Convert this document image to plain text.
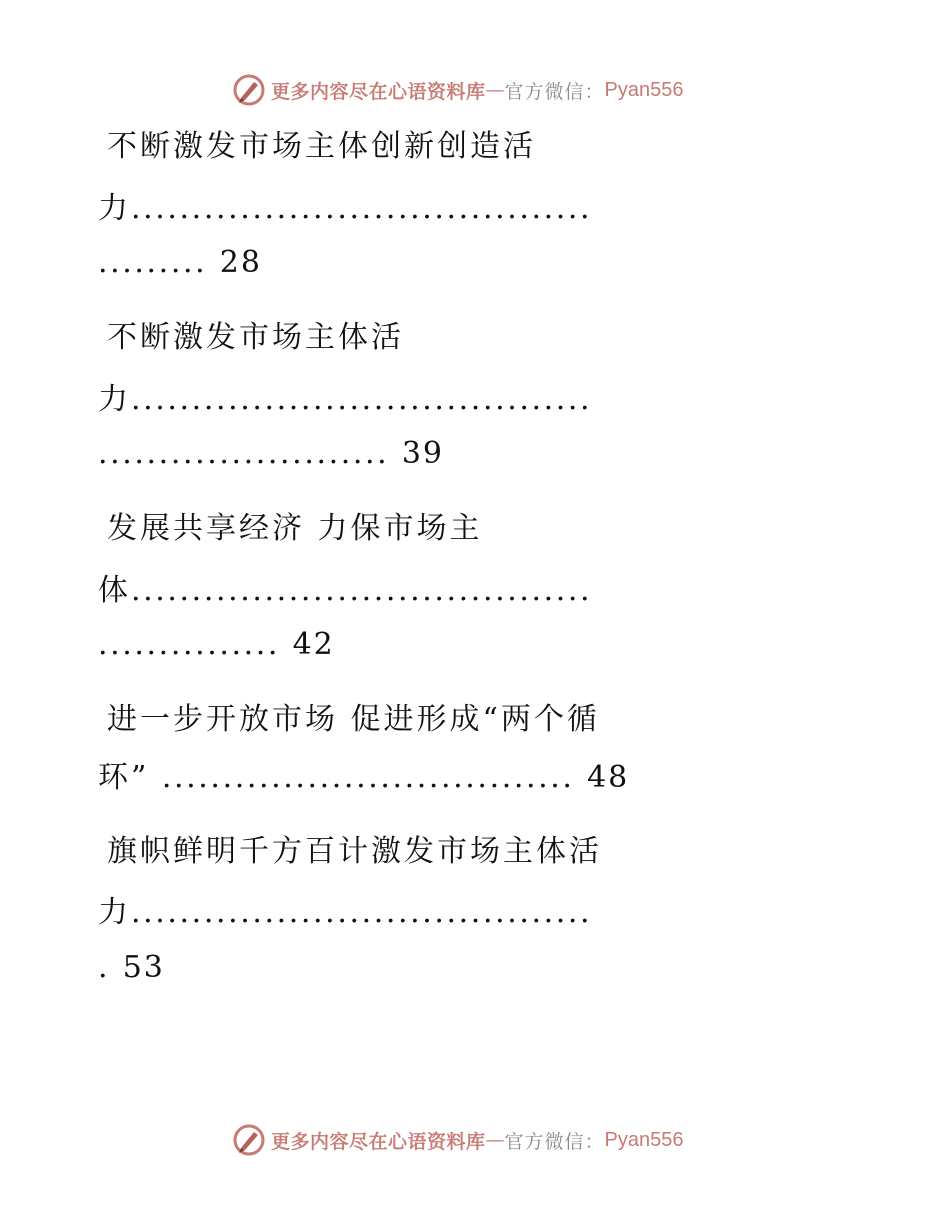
更多内容尽在心语资料库 — 官方微信： Pyan556
不断激发市场主体创新创造活
力......................................
......... 28
不断激发市场主体活
力......................................
........................ 39
发展共享经济 力保市场主
体......................................
............... 42
进一步开放市场 促进形成“两个循
环” .................................. 48
旗帜鲜明千方百计激发市场主体活
力......................................
. 53
更多内容尽在心语资料库 — 官方微信： Pyan556
